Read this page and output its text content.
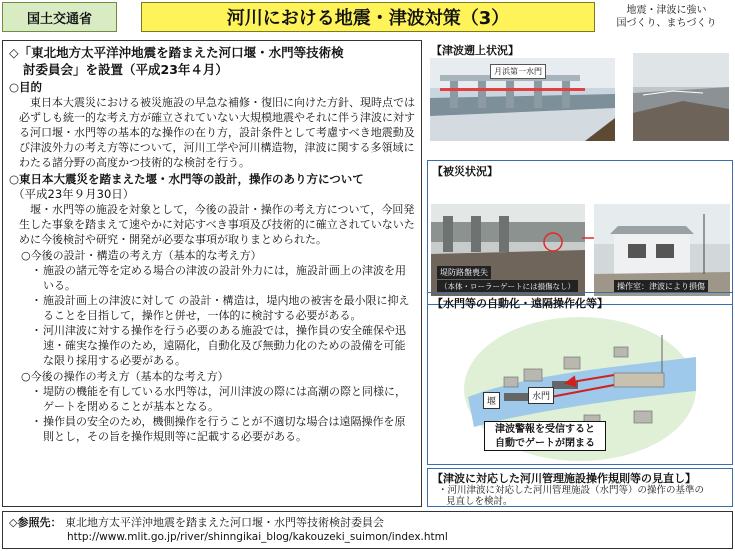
国土交通省	河川における地震・津波対策（3）	地震・津波に強い
国づくり、まちづくり

◇「東北地方太平洋沖地震を踏まえた河口堰・水門等技術検

討委員会」を設置（平成23年４月）

○目的
東日本大震災における被災施設の早急な補修・復旧に向けた方針、現時点では必ずしも統一的な考え方が確立されていない大規模地震やそれに伴う津波に対する河口堰・水門等の基本的な操作の在り方，設計条件として考慮すべき地震動及び津波外力の考え方等について，河川工学や河川構造物，津波に関する多領域にわたる諸分野の高度かつ技術的な検討を行う。
○東日本大震災を踏まえた堰・水門等の設計，操作のあり方について
（平成23年９月30日）
堰・水門等の施設を対象として，今後の設計・操作の考え方について，今回発生した事象を踏まえて速やかに対応すべき事項及び技術的に確立されていないために今後検討や研究・開発が必要な事項が取りまとめられた。
○今後の設計・構造の考え方（基本的な考え方）
・ 施設の諸元等を定める場合の津波の設計外力には，施設計画上の津波を用いる。
・ 施設計画上の津波に対して の設計・構造は，堤内地の被害を最小限に抑えることを目指して，操作と併せ，一体的に検討する必要がある。
・ 河川津波に対する操作を行う必要のある施設では，操作員の安全確保や迅速・確実な操作のため，遠隔化，自動化及び無動力化のための設備を可能な限り採用する必要がある。
○今後の操作の考え方（基本的な考え方）
・ 堤防の機能を有している水門等は，河川津波の際には高潮の際と同様に，ゲートを閉めることが基本となる。
・ 操作員の安全のため，機側操作を行うことが不適切な場合は遠隔操作を原則とし，その旨を操作規則等に記載する必要がある。
【津波遡上状況】
月浜第一水門
【被災状況】
堤防路盤喪失
（本体・ローラーゲートには損傷なし）	操作室：津波により損傷
【水門等の自動化・遠隔操作化等】
堰	水門
津波警報を受信すると
自動でゲートが閉まる
【津波に対応した河川管理施設操作規則等の見直し】
・河川津波に対応した河川管理施設（水門等）の操作の基準の
見直しを検討。
◇参照先： 東北地方太平洋沖地震を踏まえた河口堰・水門等技術検討委員会
http://www.mlit.go.jp/river/shinngikai_blog/kakouzeki_suimon/index.html
